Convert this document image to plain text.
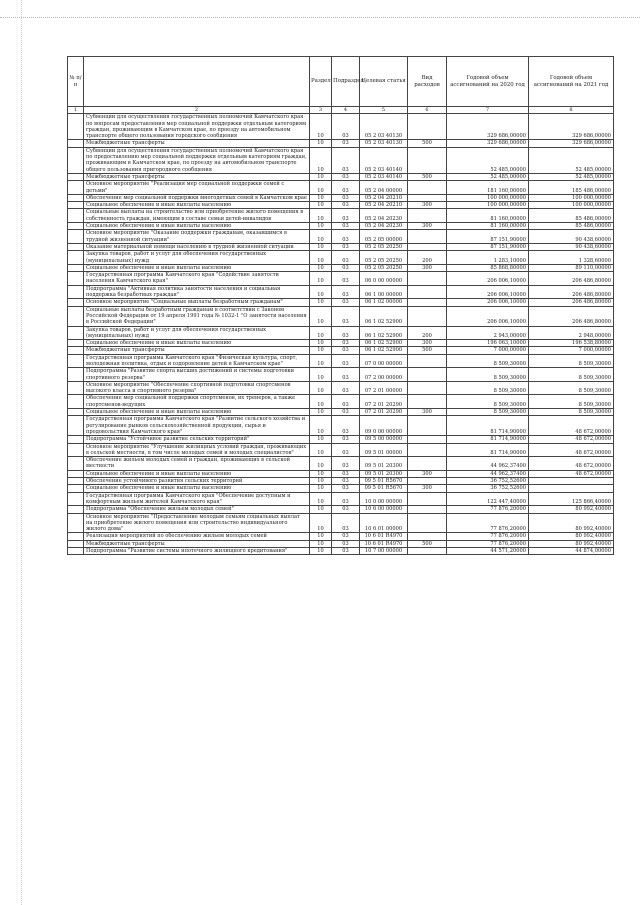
№ п/п		Раздел	Подраздел	Целевая статья	Вид расходов	Годовой объем ассигнований на 2020 год	Годовой объем ассигнований на 2021 год
1	2	3	4	5	6	7	8
	Субвенции для осуществления государственных полномочий Камчатского края по вопросам предоставления мер социальной поддержки отдельным категориям граждан, проживающим в Камчатском крае, по проезду на автомобильном транспорте общего пользования городского сообщения	10	03	05 2 03 40130		329 686,00000	329 686,00000
	Межбюджетные трансферты	10	03	05 2 03 40130	500	329 686,00000	329 686,00000
	Субвенции для осуществления государственных полномочий Камчатского края по предоставлению мер социальной поддержки отдельным категориям граждан, проживающим в Камчатском крае, по проезду на автомобильном транспорте общего пользования пригородного сообщения	10	03	05 2 03 40140		52 485,00000	52 485,00000
	Межбюджетные трансферты	10	03	05 2 03 40140	500	52 485,00000	52 485,00000
	Основное мероприятие "Реализация мер социальной поддержки семей с детьми"	10	03	05 2 04 00000		181 160,00000	185 486,00000
	Обеспечение мер социальной поддержки многодетных семей в Камчатском крае	10	03	05 2 04 20210		100 000,00000	100 000,00000
	Социальное обеспечение и иные выплаты населению	10	03	05 2 04 20210	300	100 000,00000	100 000,00000
	Социальные выплаты на строительство или приобретение жилого помещения в собственность граждан, имеющим в составе семьи детей-инвалидов	10	03	05 2 04 20230		81 160,00000	85 486,00000
	Социальное обеспечение и иные выплаты населению	10	03	05 2 04 20230	300	81 160,00000	85 486,00000
	Основное мероприятие "Оказание поддержки гражданам, оказавшимся в трудной жизненной ситуации"	10	03	05 2 05 00000		87 151,90000	90 438,60000
	Оказание материальной помощи населению в трудной жизненной ситуации	10	03	05 2 05 20250		87 151,90000	90 438,60000
	Закупка товаров, работ и услуг для обеспечения государственных (муниципальных) нужд	10	03	05 2 05 20250	200	1 283,10000	1 328,60000
	Социальное обеспечение и иные выплаты населению	10	03	05 2 05 20250	300	85 868,80000	89 110,00000
	Государственная программа Камчатского края "Содействие занятости населения Камчатского края"	10	03	06 0 00 00000		206 006,10000	206 486,80000
	Подпрограмма "Активная политика занятости населения и социальная поддержка безработных граждан"	10	03	06 1 00 00000		206 006,10000	206 486,80000
	Основное мероприятие "Социальные выплаты безработным гражданам"	10	03	06 1 02 00000		206 006,10000	206 486,80000
	Социальные выплаты безработным гражданам в соответствии с Законом Российской Федерации от 19 апреля 1991 года № 1032-1 "О занятости населения в Российской Федерации"	10	03	06 1 02 52900		206 006,10000	206 486,80000
	Закупка товаров, работ и услуг для обеспечения государственных (муниципальных) нужд	10	03	06 1 02 52900	200	2 943,00000	2 948,00000
	Социальное обеспечение и иные выплаты населению	10	03	06 1 02 52900	300	196 063,10000	196 538,80000
	Межбюджетные трансферты	10	03	06 1 02 52900	500	7 000,00000	7 000,00000
	Государственная программа Камчатского края "Физическая культура, спорт, молодежная политика, отдых и оздоровление детей в Камчатском крае"	10	03	07 0 00 00000		8 509,30000	8 509,30000
	Подпрограмма "Развитие спорта высших достижений и системы подготовки спортивного резерва"	10	03	07 2 00 00000		8 509,30000	8 509,30000
	Основное мероприятие "Обеспечение спортивной подготовки спортсменов высокого класса и спортивного резерва"	10	03	07 2 01 00000		8 509,30000	8 509,30000
	Обеспечение мер социальной поддержки спортсменов, их тренеров, а также спортсменов-ведущих	10	03	07 2 01 20290		8 509,30000	8 509,30000
	Социальное обеспечение и иные выплаты населению	10	03	07 2 01 20290	300	8 509,30000	8 509,30000
	Государственная программа Камчатского края "Развитие сельского хозяйства и регулирование рынков сельскохозяйственной продукции, сырья и продовольствия Камчатского края"	10	03	09 0 00 00000		81 714,90000	48 672,00000
	Подпрограмма "Устойчивое развитие сельских территорий"	10	03	09 5 00 00000		81 714,90000	48 672,00000
	Основное мероприятие "Улучшение жилищных условий граждан, проживающих в сельской местности, в том числе молодых семей и молодых специалистов"	10	03	09 5 01 00000		81 714,90000	48 672,00000
	Обеспечение жильем молодых семей и граждан, проживающих в сельской местности	10	03	09 5 01 20300		44 962,37400	48 672,00000
	Социальное обеспечение и иные выплаты населению	10	03	09 5 01 20300	300	44 962,37400	48 672,00000
	Обеспечение устойчивого развития сельских территорий	10	03	09 5 01 R5670		36 752,52600	
	Социальное обеспечение и иные выплаты населению	10	03	09 5 01 R5670	300	36 752,52600	
	Государственная программа Камчатского края "Обеспечение доступным и комфортным жильем жителей Камчатского края"	10	03	10 0 00 00000		122 447,40000	125 866,40000
	Подпрограмма "Обеспечение жильем молодых семей"	10	03	10 6 00 00000		77 876,20000	80 992,40000
	Основное мероприятие "Предоставление молодым семьям социальных выплат на приобретение жилого помещения или строительство индивидуального жилого дома"	10	03	10 6 01 00000		77 876,20000	80 992,40000
	Реализация мероприятий по обеспечению жильем молодых семей	10	03	10 6 01 R4970		77 876,20000	80 992,40000
	Межбюджетные трансферты	10	03	10 6 01 R4970	500	77 876,20000	80 992,40000
	Подпрограмма "Развитие системы ипотечного жилищного кредитования"	10	03	10 7 00 00000		44 571,20000	44 874,00000
